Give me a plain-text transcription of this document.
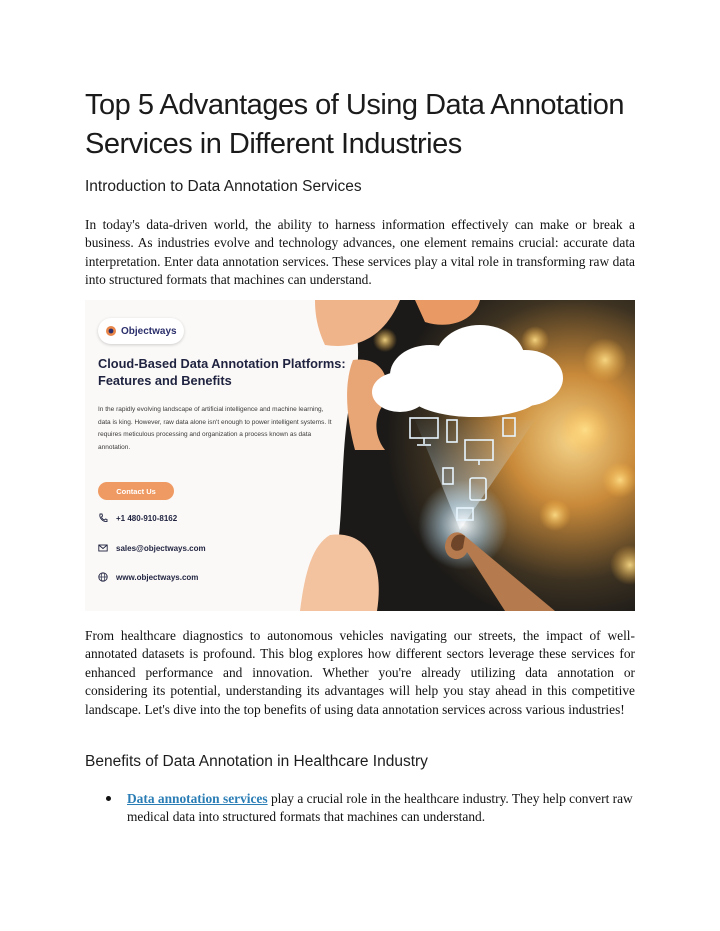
Top 5 Advantages of Using Data Annotation Services in Different Industries
Introduction to Data Annotation Services

In today's data-driven world, the ability to harness information effectively can make or break a business. As industries evolve and technology advances, one element remains crucial: accurate data interpretation. Enter data annotation services. These services play a vital role in transforming raw data into structured formats that machines can understand.

Objectways

Cloud-Based Data Annotation Platforms: Features and Benefits

In the rapidly evolving landscape of artificial intelligence and machine learning, data is king. However, raw data alone isn't enough to power intelligent systems. It requires meticulous processing and organization a process known as data annotation.

Contact Us
+1 480-910-8162
sales@objectways.com
www.objectways.com

From healthcare diagnostics to autonomous vehicles navigating our streets, the impact of well-annotated datasets is profound. This blog explores how different sectors leverage these services for enhanced performance and innovation. Whether you're already utilizing data annotation or considering its potential, understanding its advantages will help you stay ahead in this competitive landscape. Let's dive into the top benefits of using data annotation services across various industries!

Benefits of Data Annotation in Healthcare Industry

Data annotation services play a crucial role in the healthcare industry. They help convert raw medical data into structured formats that machines can understand.
